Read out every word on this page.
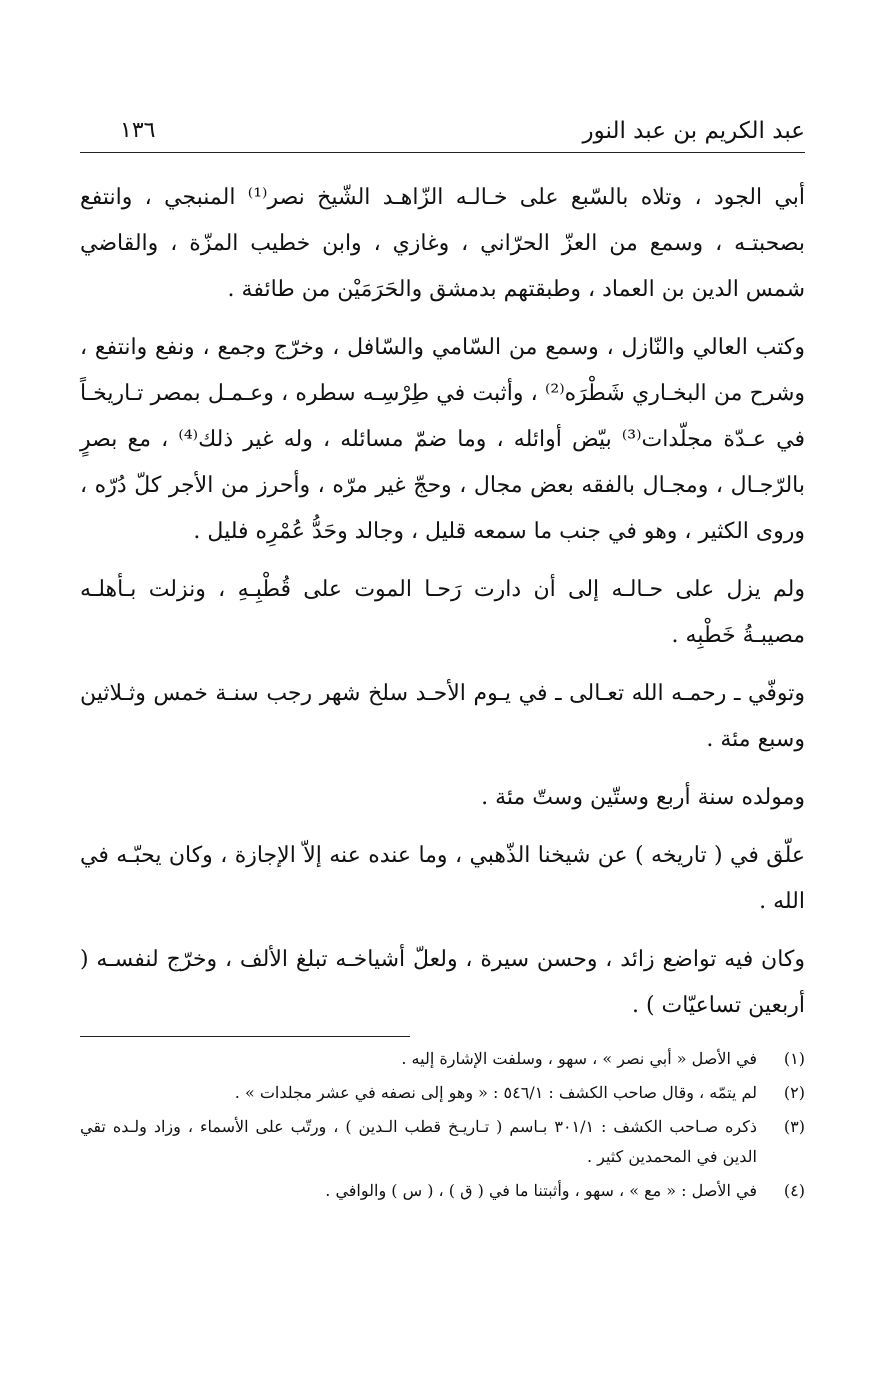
عبد الكريم بن عبد النور
١٣٦

أبي الجود ، وتلاه بالسّبع على خـالـه الزّاهـد الشّيخ نصر⁽¹⁾ المنبجي ، وانتفع بصحبتـه ، وسمع من العزّ الحرّاني ، وغازي ، وابن خطيب المزّة ، والقاضي شمس الدين بن العماد ، وطبقتهم بدمشق والحَرَمَيْن من طائفة .

وكتب العالي والنّازل ، وسمع من السّامي والسّافل ، وخرّج وجمع ، ونفع وانتفع ، وشرح من البخـاري شَطْرَه⁽²⁾ ، وأثبت في طِرْسِـه سطره ، وعـمـل بمصر تـاريخـاً في عـدّة مجلّدات⁽³⁾ بيّض أوائله ، وما ضمّ مسائله ، وله غير ذلك⁽⁴⁾ ، مع بصرٍ بالرّجـال ، ومجـال بالفقه بعض مجال ، وحجّ غير مرّه ، وأحرز من الأجر كلّ دُرّه ، وروى الكثير ، وهو في جنب ما سمعه قليل ، وجالد وحَدُّ عُمْرِه فليل .

ولم يزل على حـالـه إلى أن دارت رَحـا الموت على قُطْبِـهِ ، ونزلت بـأهلـه مصيبـةُ خَطْبِه .

وتوفّي ـ رحمـه الله تعـالى ـ في يـوم الأحـد سلخ شهر رجب سنـة خمس وثـلاثين وسبع مئة .

ومولده سنة أربع وستّين وستّ مئة .

علّق في ( تاريخه ) عن شيخنا الذّهبي ، وما عنده عنه إلاّ الإجازة ، وكان يحبّـه في الله .

وكان فيه تواضع زائد ، وحسن سيرة ، ولعلّ أشياخـه تبلغ الألف ، وخرّج لنفسـه ( أربعين تساعيّات ) .

(١)
في الأصل « أبي نصر » ، سهو ، وسلفت الإشارة إليه .
(٢)
لم يتمّه ، وقال صاحب الكشف : ٥٤٦/١ : « وهو إلى نصفه في عشر مجلدات » .
(٣)
ذكره صـاحب الكشف : ٣٠١/١ بـاسم ( تـاريـخ قطب الـدين ) ، ورتّب على الأسماء ، وزاد ولـده تقي الدين في المحمدين كثير .
(٤)
في الأصل : « مع » ، سهو ، وأثبتنا ما في ( ق ) ، ( س ) والوافي .
